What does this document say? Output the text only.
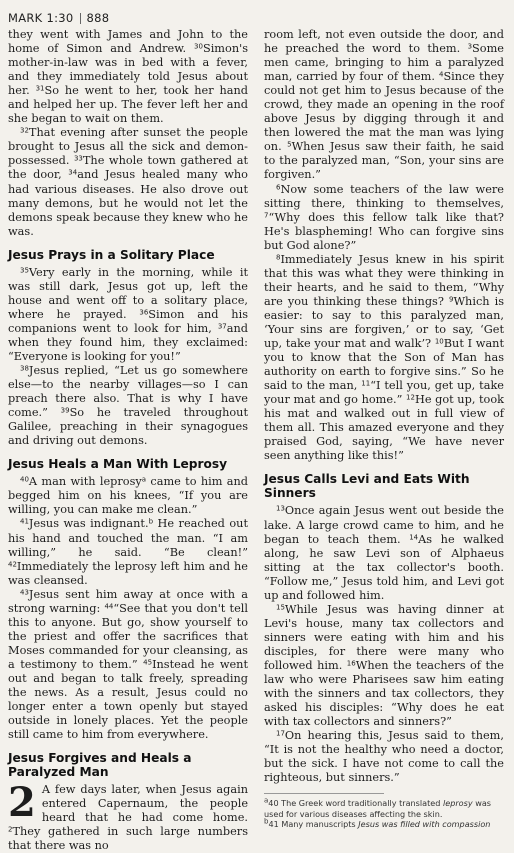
MARK 1:30 888

they went with James and John to the home of Simon and Andrew. $^{30}$Simon's mother-in-law was in bed with a fever, and they immediately told Jesus about her. $^{31}$So he went to her, took her hand and helped her up. The fever left her and she began to wait on them.

$^{32}$That evening after sunset the people brought to Jesus all the sick and demon-possessed. $^{33}$The whole town gathered at the door, $^{34}$and Jesus healed many who had various diseases. He also drove out many demons, but he would not let the demons speak because they knew who he was.

Jesus Prays in a Solitary Place

$^{35}$Very early in the morning, while it was still dark, Jesus got up, left the house and went off to a solitary place, where he prayed. $^{36}$Simon and his companions went to look for him, $^{37}$and when they found him, they exclaimed: “Everyone is looking for you!”

$^{38}$Jesus replied, “Let us go somewhere else—to the nearby villages—so I can preach there also. That is why I have come.” $^{39}$So he traveled throughout Galilee, preaching in their synagogues and driving out demons.

Jesus Heals a Man With Leprosy

$^{40}$A man with leprosy$^a$ came to him and begged him on his knees, “If you are willing, you can make me clean.”

$^{41}$Jesus was indignant.$^b$ He reached out his hand and touched the man. “I am willing,” he said. “Be clean!” $^{42}$Immediately the leprosy left him and he was cleansed.

$^{43}$Jesus sent him away at once with a strong warning: $^{44}$“See that you don't tell this to anyone. But go, show yourself to the priest and offer the sacrifices that Moses commanded for your cleansing, as a testimony to them.” $^{45}$Instead he went out and began to talk freely, spreading the news. As a result, Jesus could no longer enter a town openly but stayed outside in lonely places. Yet the people still came to him from everywhere.

Jesus Forgives and Heals a Paralyzed Man

2 A few days later, when Jesus again entered Capernaum, the people heard that he had come home. $^2$They gathered in such large numbers that there was no

room left, not even outside the door, and he preached the word to them. $^3$Some men came, bringing to him a paralyzed man, carried by four of them. $^4$Since they could not get him to Jesus because of the crowd, they made an opening in the roof above Jesus by digging through it and then lowered the mat the man was lying on. $^5$When Jesus saw their faith, he said to the paralyzed man, “Son, your sins are forgiven.”

$^6$Now some teachers of the law were sitting there, thinking to themselves, $^7$“Why does this fellow talk like that? He's blaspheming! Who can forgive sins but God alone?”

$^8$Immediately Jesus knew in his spirit that this was what they were thinking in their hearts, and he said to them, “Why are you thinking these things? $^9$Which is easier: to say to this paralyzed man, ‘Your sins are forgiven,’ or to say, ‘Get up, take your mat and walk’? $^{10}$But I want you to know that the Son of Man has authority on earth to forgive sins.” So he said to the man, $^{11}$“I tell you, get up, take your mat and go home.” $^{12}$He got up, took his mat and walked out in full view of them all. This amazed everyone and they praised God, saying, “We have never seen anything like this!”

Jesus Calls Levi and Eats With Sinners

$^{13}$Once again Jesus went out beside the lake. A large crowd came to him, and he began to teach them. $^{14}$As he walked along, he saw Levi son of Alphaeus sitting at the tax collector's booth. “Follow me,” Jesus told him, and Levi got up and followed him.

$^{15}$While Jesus was having dinner at Levi's house, many tax collectors and sinners were eating with him and his disciples, for there were many who followed him. $^{16}$When the teachers of the law who were Pharisees saw him eating with the sinners and tax collectors, they asked his disciples: “Why does he eat with tax collectors and sinners?”

$^{17}$On hearing this, Jesus said to them, “It is not the healthy who need a doctor, but the sick. I have not come to call the righteous, but sinners.”

$^a$40 The Greek word traditionally translated leprosy was used for various diseases affecting the skin.
$^b$41 Many manuscripts Jesus was filled with compassion
